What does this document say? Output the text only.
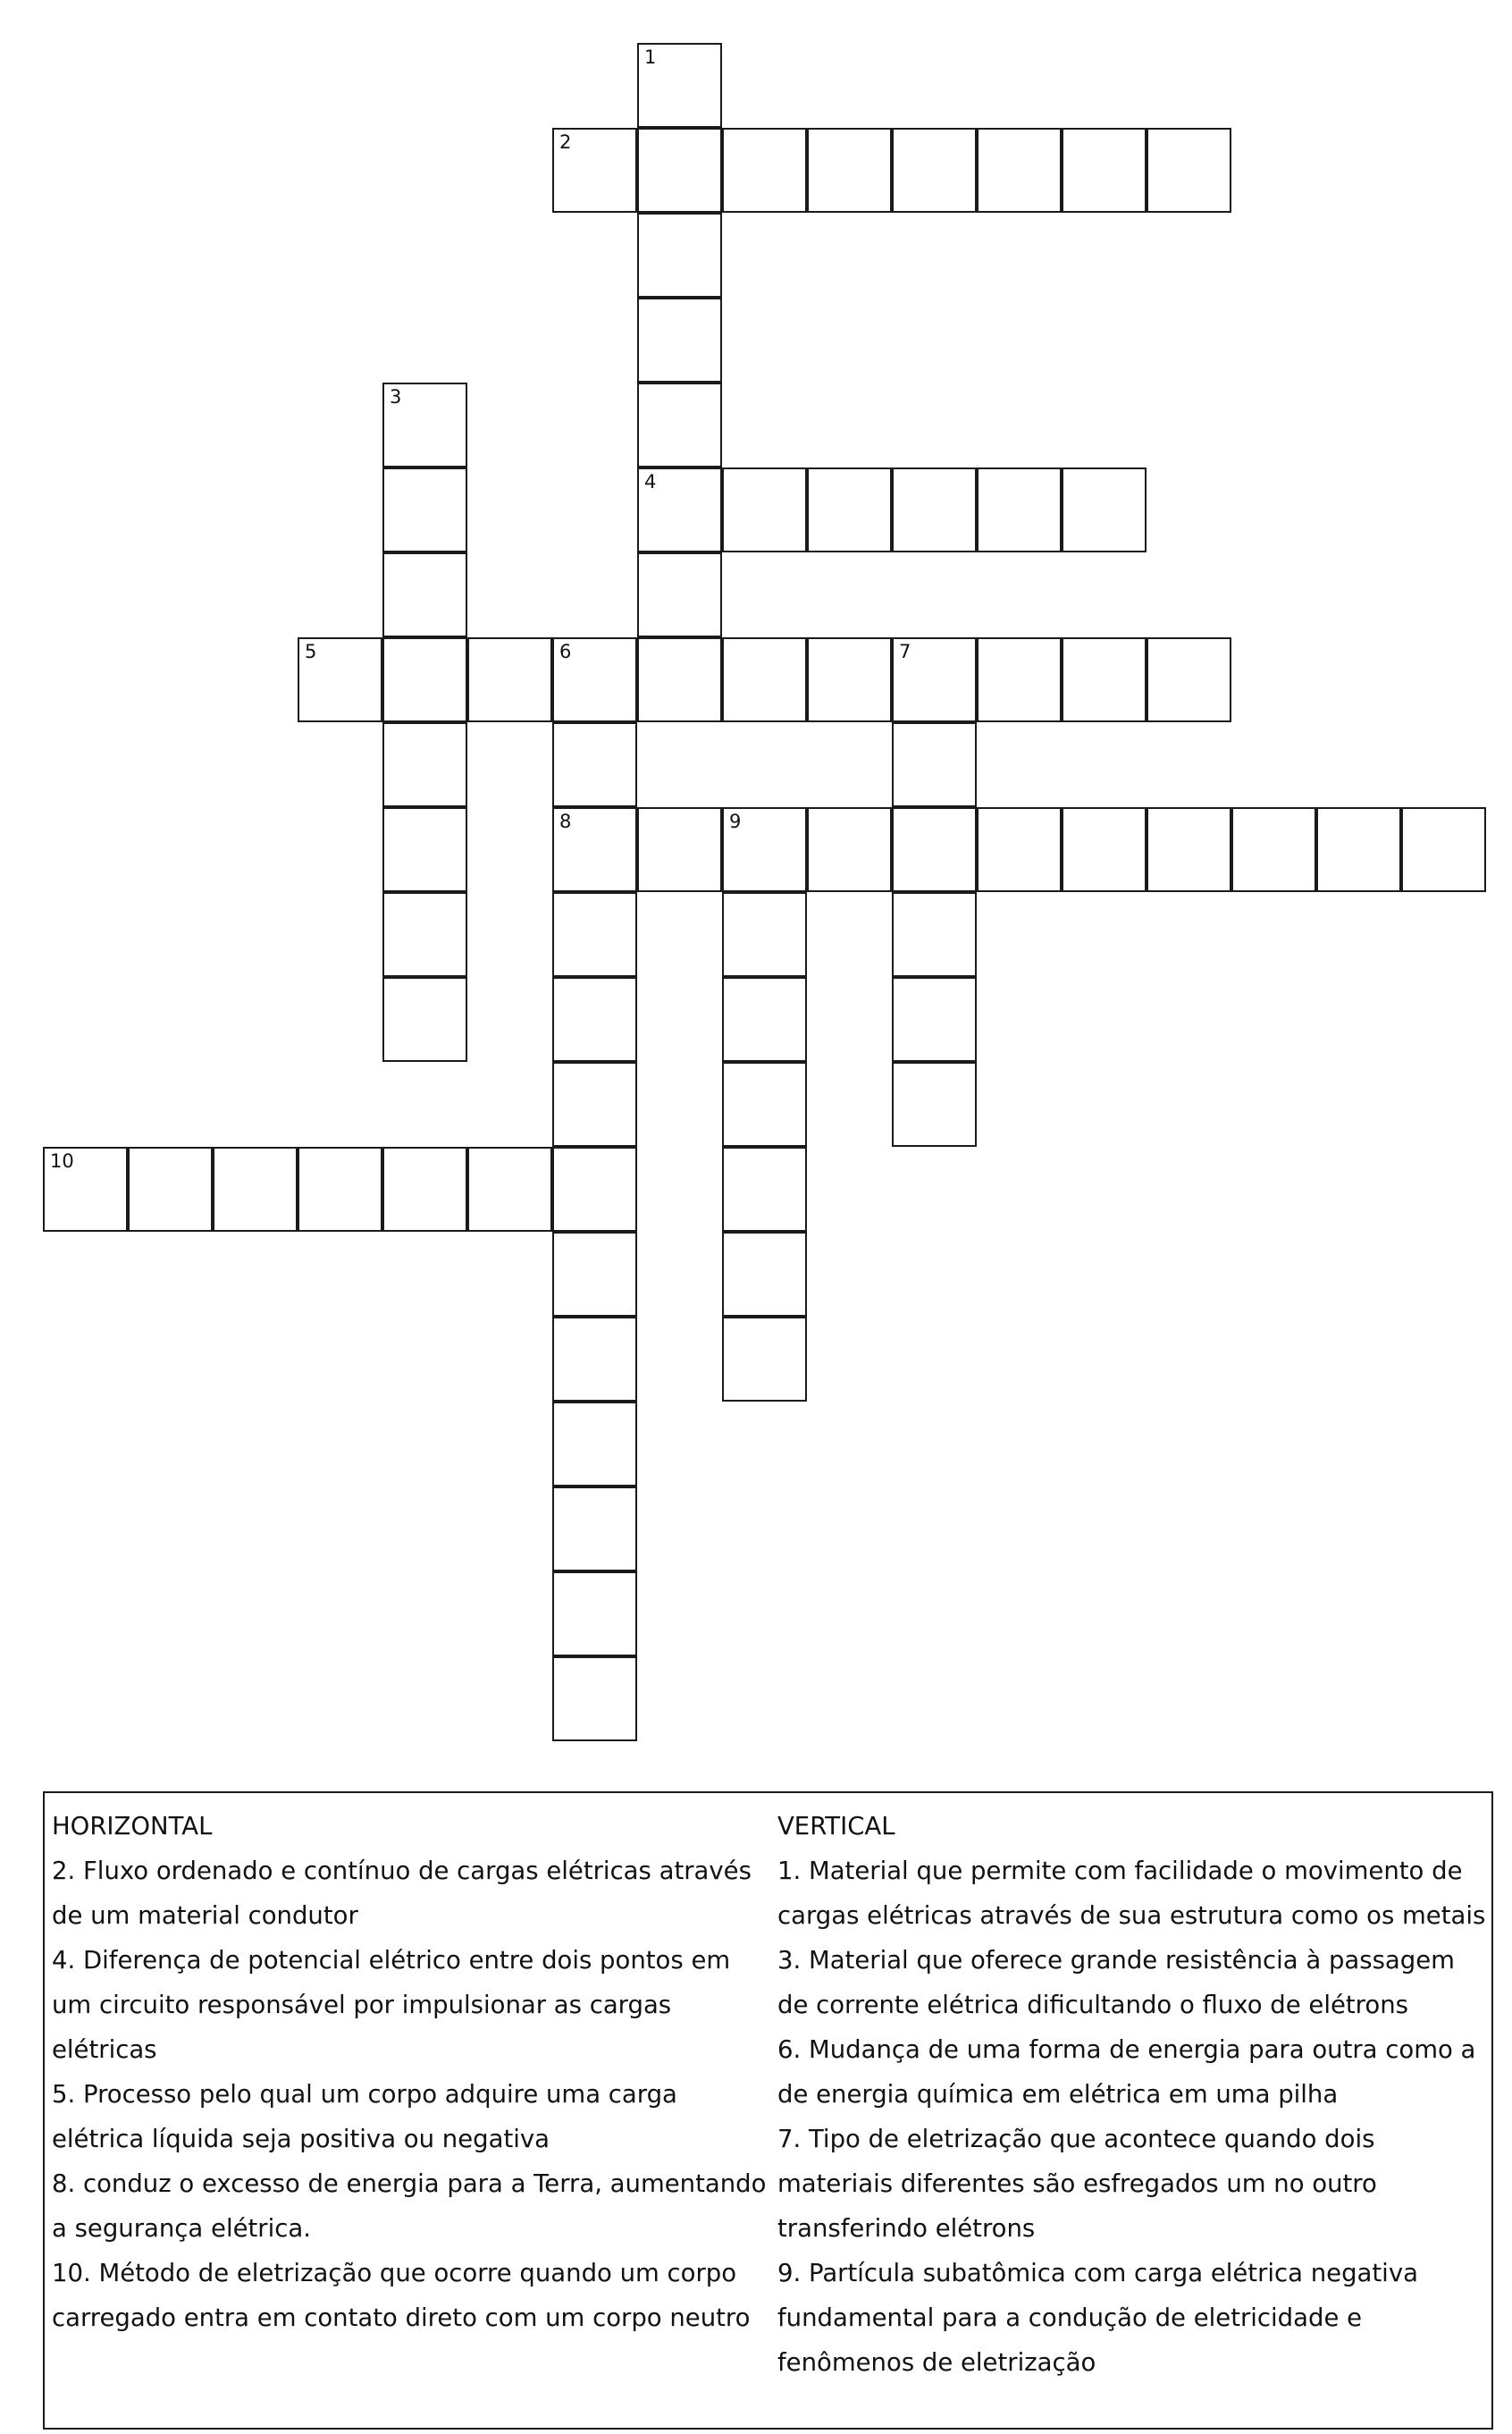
1
4
2
3
5	6	7
8	9
10

HORIZONTAL

2. Fluxo ordenado e contínuo de cargas elétricas através de um material condutor

4. Diferença de potencial elétrico entre dois pontos em um circuito responsável por impulsionar as cargas elétricas

5. Processo pelo qual um corpo adquire uma carga elétrica líquida seja positiva ou negativa

8. conduz o excesso de energia para a Terra, aumentando a segurança elétrica.

10. Método de eletrização que ocorre quando um corpo carregado entra em contato direto com um corpo neutro

VERTICAL

1. Material que permite com facilidade o movimento de cargas elétricas através de sua estrutura como os metais

3. Material que oferece grande resistência à passagem de corrente elétrica dificultando o fluxo de elétrons

6. Mudança de uma forma de energia para outra como a de energia química em elétrica em uma pilha

7. Tipo de eletrização que acontece quando dois materiais diferentes são esfregados um no outro transferindo elétrons

9. Partícula subatômica com carga elétrica negativa fundamental para a condução de eletricidade e fenômenos de eletrização
